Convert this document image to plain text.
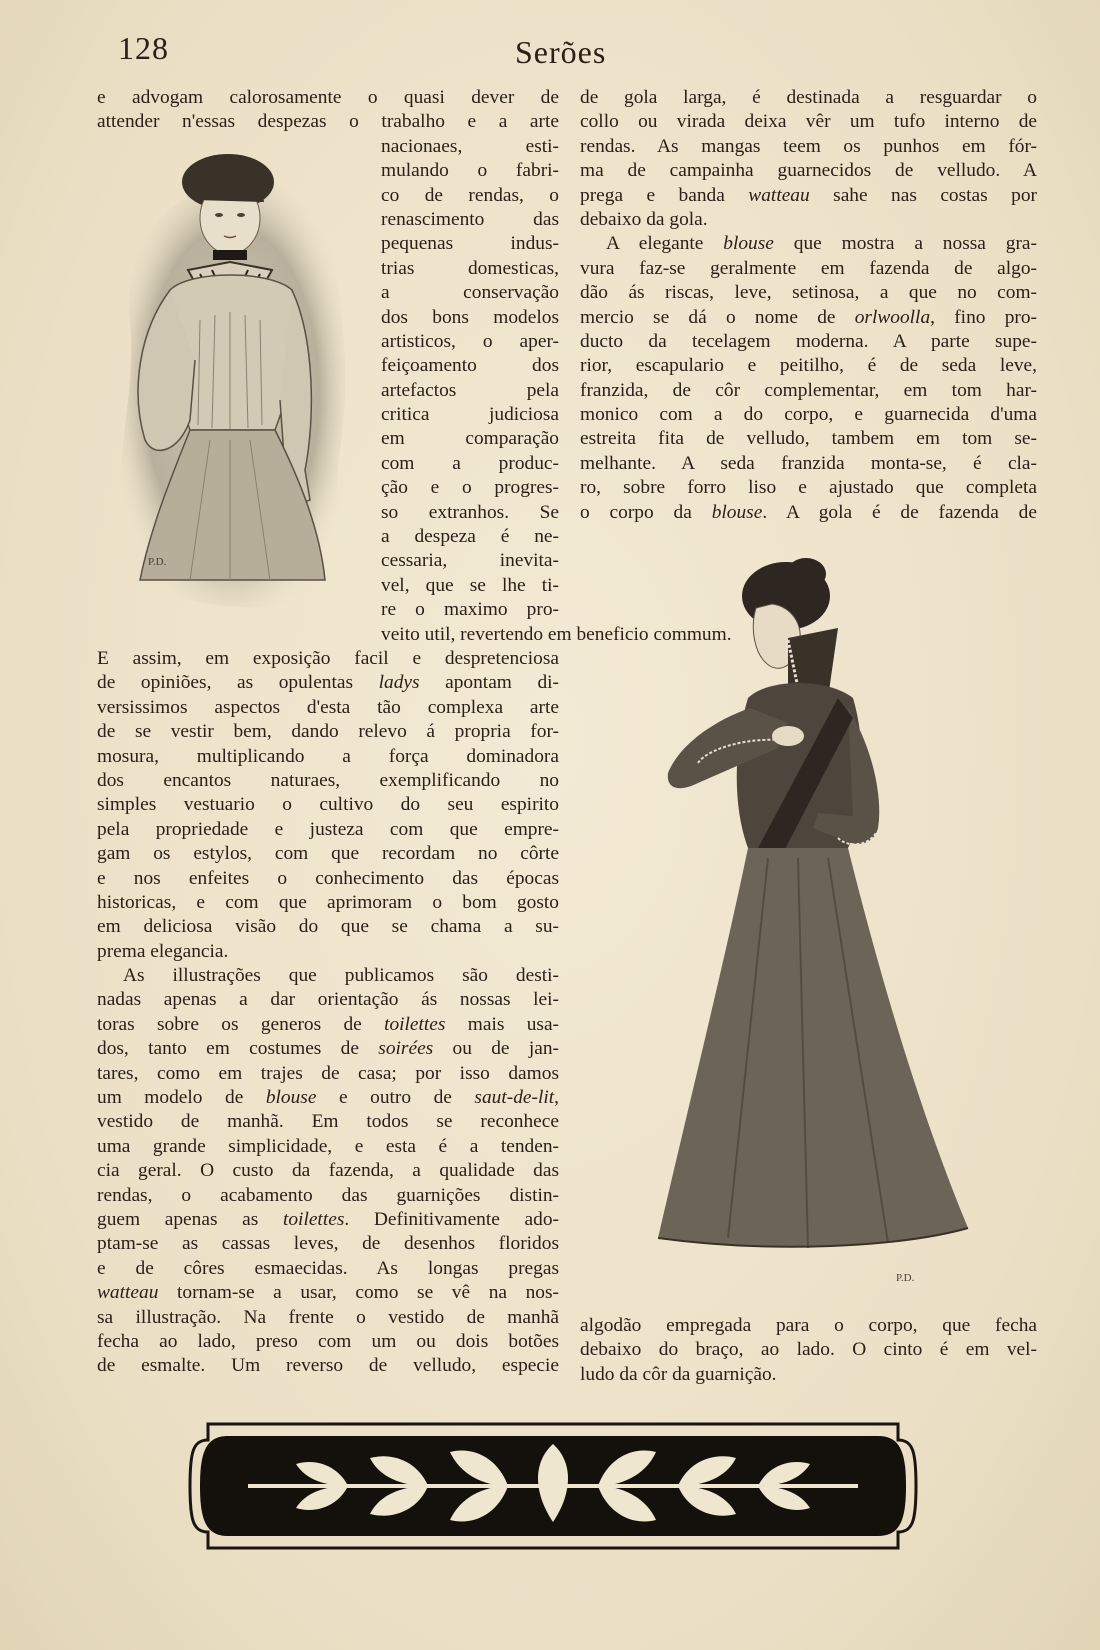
128	Serões
e advogam calorosamente o quasi dever de
attender n'essas despezas o trabalho e a arte
nacionaes, esti-
mulando o fabri-
co de rendas, o
renascimento das
pequenas indus-
trias domesticas,
a conservação
dos bons modelos
artisticos, o aper-
feiçoamento dos
artefactos pela
critica judiciosa
em comparação
com a produc-
ção e o progres-
so extranhos. Se
a despeza é ne-
cessaria, inevita-
vel, que se lhe ti-
re o maximo pro-
veito util, revertendo em beneficio commum.
E assim, em exposição facil e despretenciosa
de opiniões, as opulentas ladys apontam di-
versissimos aspectos d'esta tão complexa arte
de se vestir bem, dando relevo á propria for-
mosura, multiplicando a força dominadora
dos encantos naturaes, exemplificando no
simples vestuario o cultivo do seu espirito
pela propriedade e justeza com que empre-
gam os estylos, com que recordam no côrte
e nos enfeites o conhecimento das épocas
historicas, e com que aprimoram o bom gosto
em deliciosa visão do que se chama a su-
prema elegancia.
As illustrações que publicamos são desti-
nadas apenas a dar orientação ás nossas lei-
toras sobre os generos de toilettes mais usa-
dos, tanto em costumes de soirées ou de jan-
tares, como em trajes de casa; por isso damos
um modelo de blouse e outro de saut-de-lit,
vestido de manhã. Em todos se reconhece
uma grande simplicidade, e esta é a tenden-
cia geral. O custo da fazenda, a qualidade das
rendas, o acabamento das guarnições distin-
guem apenas as toilettes. Definitivamente ado-
ptam-se as cassas leves, de desenhos floridos
e de côres esmaecidas. As longas pregas
watteau tornam-se a usar, como se vê na nos-
sa illustração. Na frente o vestido de manhã
fecha ao lado, preso com um ou dois botões
de esmalte. Um reverso de velludo, especie
de gola larga, é destinada a resguardar o
collo ou virada deixa vêr um tufo interno de
rendas. As mangas teem os punhos em fór-
ma de campainha guarnecidos de velludo. A
prega e banda watteau sahe nas costas por
debaixo da gola.
A elegante blouse que mostra a nossa gra-
vura faz-se geralmente em fazenda de algo-
dão ás riscas, leve, setinosa, a que no com-
mercio se dá o nome de orlwoolla, fino pro-
ducto da tecelagem moderna. A parte supe-
rior, escapulario e peitilho, é de seda leve,
franzida, de côr complementar, em tom har-
monico com a do corpo, e guarnecida d'uma
estreita fita de velludo, tambem em tom se-
melhante. A seda franzida monta-se, é cla-
ro, sobre forro liso e ajustado que completa
o corpo da blouse. A gola é de fazenda de
algodão empregada para o corpo, que fecha
debaixo do braço, ao lado. O cinto é em vel-
ludo da côr da guarnição.
P.D.
P.D.
